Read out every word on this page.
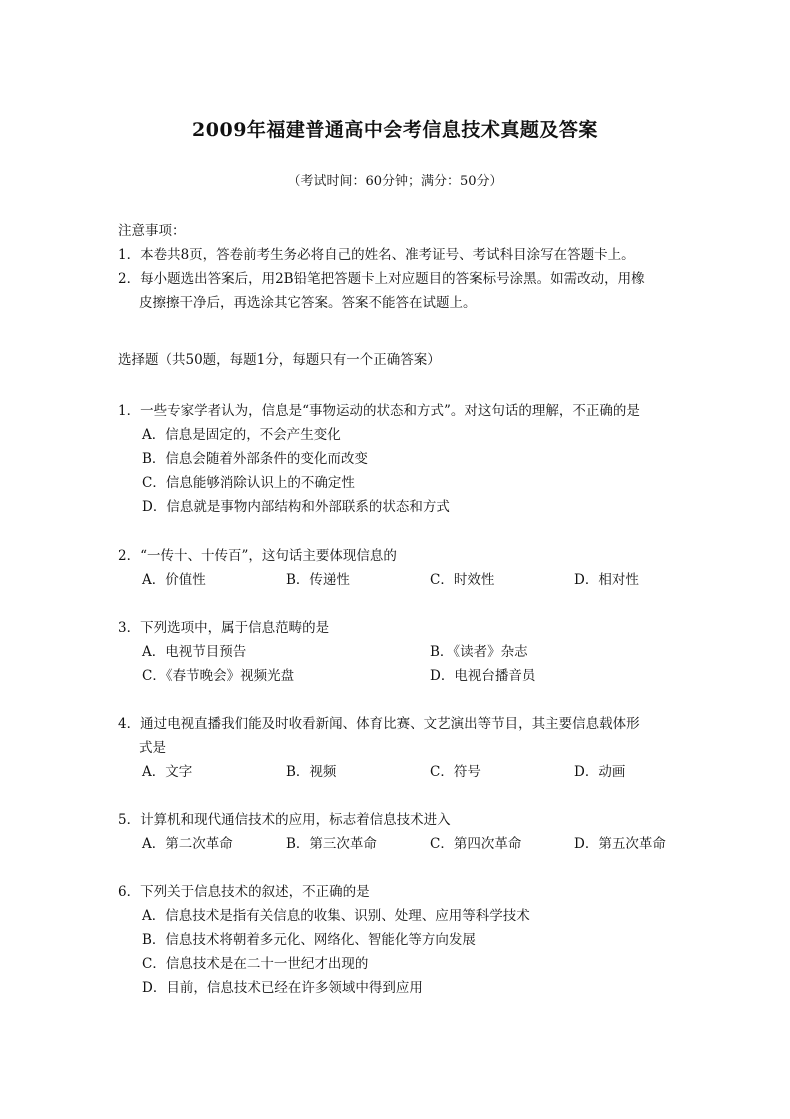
2009年福建普通高中会考信息技术真题及答案
（考试时间：60分钟；满分：50分）
注意事项：
1．本卷共8页，答卷前考生务必将自己的姓名、准考证号、考试科目涂写在答题卡上。
2．每小题选出答案后，用2B铅笔把答题卡上对应题目的答案标号涂黑。如需改动，用橡
皮擦擦干净后，再选涂其它答案。答案不能答在试题上。
选择题（共50题，每题1分，每题只有一个正确答案）
1．一些专家学者认为，信息是“事物运动的状态和方式”。对这句话的理解，不正确的是
A．信息是固定的，不会产生变化
B．信息会随着外部条件的变化而改变
C．信息能够消除认识上的不确定性
D．信息就是事物内部结构和外部联系的状态和方式
2．“一传十、十传百”，这句话主要体现信息的
A．价值性	B．传递性	C．时效性	D．相对性
3．下列选项中，属于信息范畴的是
A．电视节目预告	B．《读者》杂志
C．《春节晚会》视频光盘	D．电视台播音员
4．通过电视直播我们能及时收看新闻、体育比赛、文艺演出等节目，其主要信息载体形
式是
A．文字	B．视频	C．符号	D．动画
5．计算机和现代通信技术的应用，标志着信息技术进入
A．第二次革命	B．第三次革命	C．第四次革命	D．第五次革命
6．下列关于信息技术的叙述，不正确的是
A．信息技术是指有关信息的收集、识别、处理、应用等科学技术
B．信息技术将朝着多元化、网络化、智能化等方向发展
C．信息技术是在二十一世纪才出现的
D．目前，信息技术已经在许多领域中得到应用
